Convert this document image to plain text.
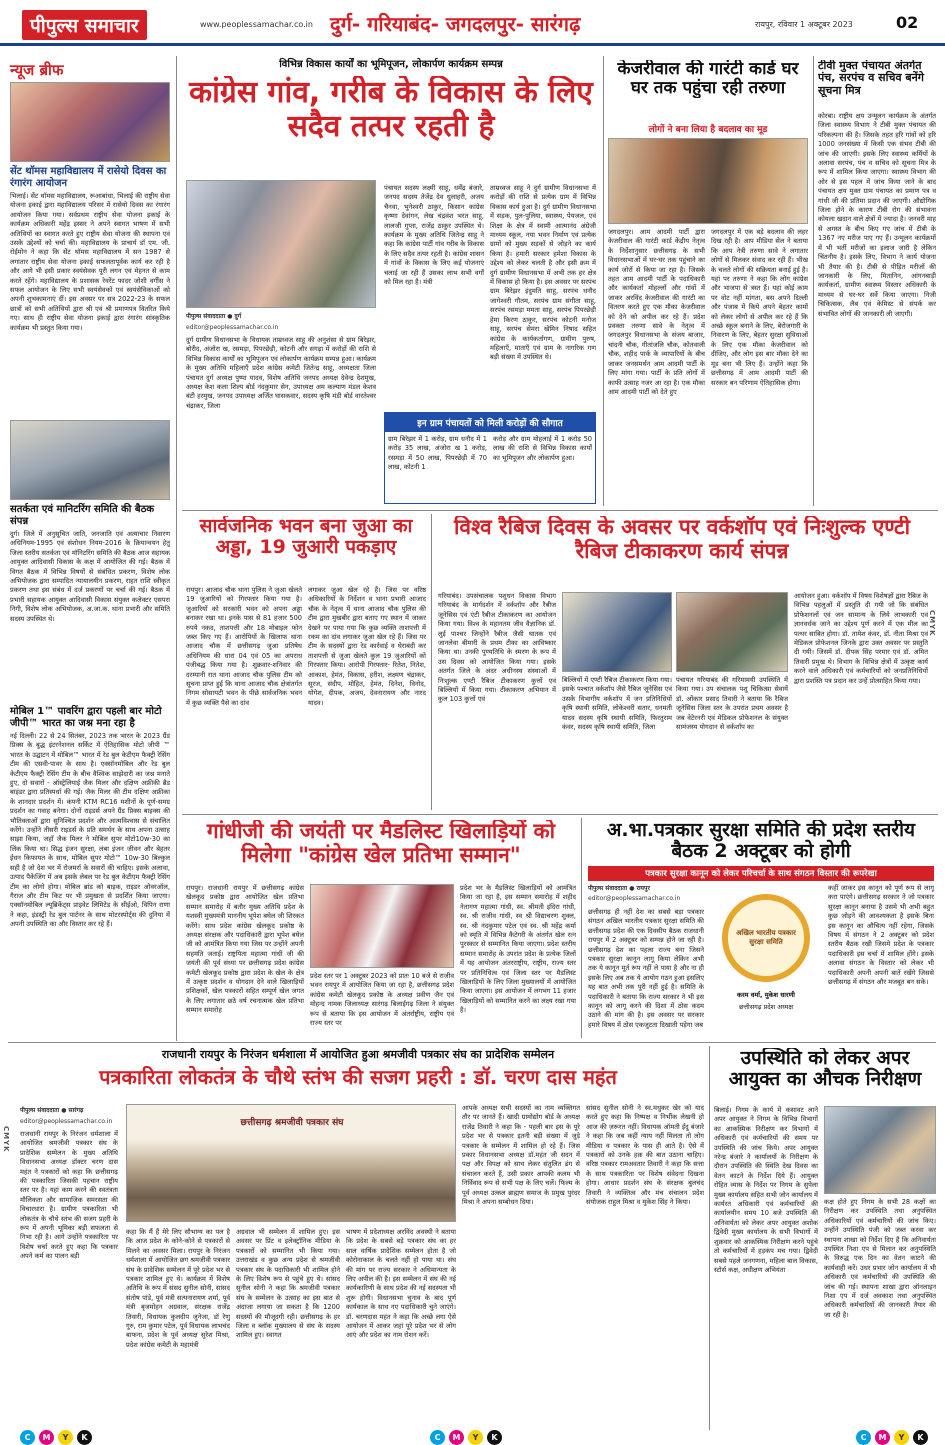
पीपुल्स समाचार	www.peoplessamachar.co.in दुर्ग- गरियाबंद- जगदलपुर- सारंगढ़	रायपुर, रविवार 1 अक्टूबर 2023	02
न्यूज ब्रीफ
सेंट थॉमस महाविद्यालय में रासेयो दिवस का रंगारंग आयोजन
भिलाई। सेंट थॉमस महाविद्यालय, रूआबांधा, भिलाई की राष्ट्रीय सेवा योजना इकाई द्वारा महाविद्यालय परिसर में रासेयो दिवस का रंगारंग आयोजन किया गया। सर्वप्रथम राष्ट्रीय सेवा योजना इकाई के कार्यक्रम अधिकारी महेंद्र इस्सर ने अपने स्वागत भाषण में सभी अतिथियों का स्वागत करते हुए राष्ट्रीय सेवा योजना की स्थापना एवं उसके उद्देश्यों को चर्चा की। महाविद्यालय के प्राचार्य डॉ एम. जी. रोईमोन ने कहा कि सेंट थॉमस महाविद्यालय में सन 1987 से लगातार राष्ट्रीय सेवा योजना इकाई सफलतापूर्वक कार्य कर रही है और आगे भी इसी प्रकार स्वयंसेवक पूरी लगन एवं मेहनत से काम करते रहेंगे। महाविद्यालय के प्रशासक रेवरेंट फादर जोशी वर्गीस ने सफल आयोजन के लिए सभी स्वयंसेवकों एवं स्वयंसेविकाओं को अपनी शुभकामनाएं दीं। इस अवसर पर सत्र 2022-23 के सफल छात्रों को सभी अतिथियों द्वारा श्री एवं श्री प्रमाणपत्र वितरित किये गए। साथ ही राष्ट्रीय सेवा योजना इकाई द्वारा रंगारंग सांस्कृतिक कार्यक्रम भी प्रस्तुत किया गया।
सतर्कता एवं मानिटरिंग समिति की बैठक संपन्न
दुर्ग। जिले में अनुसूचित जाति, जनजाति एवं अत्याचार निवारण अधिनियम-1995 एवं संशोधन नियम-2016 के क्रियान्वयन हेतु जिला स्तरीय सतर्कता एवं मॉनिटरिंग समिति की बैठक आज सहायक आयुक्त आदिवासी विकास के कक्ष में आयोजित की गई। बैठक में विगत बैठक में विभिन्न विषयों से संबंधित प्रकरण, विशेष लोक अभियोजक द्वारा सम्पादित न्यायालयीन प्रकरण, राहत राशि स्वीकृत प्रकरण तथा इस संबंध में दर्ज प्रकरणों पर चर्चा की गई। बैठक में प्रभारी सहायक आयुक्त आदिवासी विकास संयुक्त कलेक्टर एसपरा निगी, विशेष लोक अभियोजक, अ.जा.क. थाना प्रभारी और समिति सदस्य उपस्थित थे।
मोबिल 1™ पावरिंग द्वारा पहली बार मोटो जीपी™ भारत का जश्न मना रहा है
नई दिल्ली। 22 से 24 सितंबर, 2023 तक भारत के 2023 ग्रैंड प्रिक्स के बुद्ध इंटरनेशनल सर्किट में ऐतिहासिक मोटो जीपी ™ भारत के उद्घाटन में मोबिल™ भारत में रेड बुल केटीएम फैक्ट्री रेसिंग टीम की एसवी-पावर के साथ है। एक्सॉनमोबिल और रेड बुल केटीएम फैक्ट्री रेसिंग टीम के बीच वैश्विक साझेदारी का जश्न मनाते हुए, दो सवारों - ऑस्ट्रेलियाई जैक मिलर और दक्षिण अफ्रीकी ब्रैड बाइंडर द्वारा प्रतिस्पर्धा की गई। जैक मिलर की टीम दक्षिण अफ्रीका के शानदार प्रदर्शन में। कंपनी KTM RC16 मशीनों के पूर्ण-समग्र प्रदर्शन का गवाह बनेगा। दोनों राइडर्स अपने ग्रैंड प्रिक्स बाइक्स की भौतिक्ताओं द्वारा सुनिश्चित प्रदर्शन और आत्मविश्वास से संचालित करेंगे। उन्होंने तीसरी राइडर्स के प्रति समर्थन के साथ अपना उत्साह साझा किया, जहाँ जैक मिलर ने मोबिल सुपर मोटो10w-30 का लिंक किया था। सिद्ध इंजन सुरक्षा, लंबा इंजन जीवन और बेहतर ईंधन किफायत के साथ, मोबिल सुपर मोटो™ 10w-30 बिल्कुल सही है जो देश भर में रोजमर्रा के सवारों की चाहिए। इसके अलावा, उत्पाद पैकेजिंग में अब इसके लेबल पर रेड बुल केटीएम फैक्ट्री रेसिंग टीम का लोगो होगा। मोबिल ब्रांड को बाइक, राइडर ओवरऑल, गैराज और टीम किट पर भी प्रमुखता से प्रदर्शित किया जाएगा। एक्सॉनमोबिल ल्यूब्रिकेंट्स प्राइवेट लिमिटेड के सीईओ, विपिन राणा ने कहा, इंडस्ट्री रेड बुल पार्टनर के साथ मोटरस्पोर्ट्स की दुनिया में अपनी उपस्थिति का और विस्तार कर रहे हैं।
विभिन्न विकास कार्यों का भूमिपूजन, लोकार्पण कार्यक्रम सम्पन्न
कांग्रेस गांव, गरीब के विकास के लिए सदैव तत्पर रहती है
पीपुल्स संवाददाता ● दुर्ग
editor@peoplessamachar.co.in
दुर्ग ग्रामीण विधानसभा के विधायक ताम्रध्वज साहू की अनुशंसा से ग्राम बिरेझर, बोरीद, अंजोरा ख, रसमड़ा, पिपरछेड़ी, कोटनी और सगढ़ा में करोड़ों की राशि से विभिन्न विकास कार्यों का भूमिपूजन एवं लोकार्पण कार्यक्रम सम्पन्न हुआ। कार्यक्रम के मुख्य अतिथि महिलाएँ प्रदेश कांग्रेस कमेटी जितेन्द्र साहू, अध्यक्षता जिला पंचायत दुर्ग अध्यक्ष पुष्पा यादव, विशेष अतिथि जनपद अध्यक्ष देवेन्द्र देशमुख, अध्यक्ष केश कला शिल्प बोर्ड नंदकुमार सेन, उपाध्यक्ष अम कल्याण मंडल केशव बंटी हरमुख, जनपद उपाध्यक्ष अर्जित घासकवार, सदस्य कृषि मंडी बोर्ड वारतेश्वर चंद्राकर, जिला
पंचायत सदस्य लक्ष्मी साहू, धर्मेंद्र बंजारे, जनपद सदस्य तेजेंद्र देव धुलाहरी, अजय चैनवा, भुनेश्वरी ठाकुर, किसान कांग्रेस कृष्णा देवांगन, लेख चंद्रवंश भरत साहू, लालजी गुप्ता, राजेंद्र ठाकुर उपस्थित थे। कार्यक्रम के मुख्य अतिथि जितेन्द्र साहू ने कहा कि कांग्रेस पार्टी गांव गरीब के विकास के लिए सदैव तत्पर रहती है। कांग्रेस शासन में गांवों के विकास के लिए कई योजनाएं चलाई जा रही हैं उसका लाभ सभी वर्गों को मिल रहा है। मंत्री
ताम्रध्वज साहू ने दुर्ग ग्रामीण विधानसभा में करोड़ों की राशि से प्रत्येक ग्राम में विभिन्न विकास कार्य हुआ है। दुर्ग ग्रामीण विधानसभा में सड़क, पुल-पुलिया, स्वास्थ्य, पेयजल, एवं शिक्षा के क्षेत्र में स्वामी आत्मानंद अंग्रेजी माध्यम स्कूल, नया भवन निर्माण एवं प्रत्येक ग्रामों को मुख्य सड़कों से जोड़ने का कार्य किया है। हमारी सरकार हमेशा विकास के उद्देश्य को लेकर चलती है और इसी क्रम में दुर्ग ग्रामीण विधानसभा में अभी तक हर क्षेत्र में विकास हो किया है। इस अवसर पर सरपंच ग्राम बिरेझर इंदुमति साहू, सरपंच धनौद जागेश्वरी गौतम, सरपंच ग्राम संगीता साहू, सरपंच रसमड़ा ममता साहू, सरपंच पिपरछेड़ी हेमा किरण ठाकुर, सरपंच कोटनी मनोज साहू, सरपंच सेमरा खेमिन निषाद सहित कांग्रेस के कार्यकर्तागण, ग्रामीण पुरुष, महिलाएँ, माताएँ एवं ग्राम के नागरिक गण बड़ी संख्या में उपस्थित थे।
इन ग्राम पंचायतों को मिली करोड़ों की सौगात
ग्राम बिरेझर में 1 करोड़, ग्राम धनौद में 1 करोड़ 35 लाख, अंजोरा ख 1 करोड़, रसमड़ा में 50 लाख, पिपरछेड़ी में 70 लाख, कोटनी 1
करोड़ और ग्राम मोहलाई में 1 करोड़ 50 लाख की राशि से विभिन्न विकास कार्यों का भूमिपूजन और लोकार्पण हुआ।
केजरीवाल की गारंटी कार्ड घर घर तक पहुंचा रही तरुणा
लोगों ने बना लिया है बदलाव का मूड
जगदलपुर। आम आदमी पार्टी द्वारा केजरीवाल की गारंटी कार्ड केंद्रीय नेतृत्व के निर्देशानुसार छत्तीसगढ़ के सभी विधानसभाओं में घर-घर तक पहुंचाने का कार्य जोरों से किया जा रहा है। जिसके तहत आम आदमी पार्टी के पदाधिकारी और कार्यकर्ता मोहल्लों और गांवों में जाकर अरविंद केजरीवाल की गारंटी का वितरण करते हुए एक मौका केजरीवाल को देने को अपील कर रहे हैं। प्रदेश प्रवक्ता तरुणा सावे के नेतृत्व में जगदलपुर विधानसभा के संजय बाजार, चांदनी चौक, गीतांजलि चौक, कोतवाली चौक, शहीद पार्क के व्यापारियों के बीच जाकर जनसमर्थन आम आदमी पार्टी के लिए मांगा गया। पार्टी के प्रति लोगों में काफी उत्साह नजर आ रहा है। एक मौका आम आदमी पार्टी को देते हुए
जगदलपुर में एक बड़े बदलाव की लहर दिख रही है। आप मीडिया सेल ने बताया कि आप नेत्री तरुणा सावे ने लगातार लोगों से मिलकर संवाद कर रही हैं। भीख के चलते लोगों की सक्रियता बनाई हुई है। यहां पर तरुणा ने कहा कि लोग कांग्रेस और भाजपा से त्रस्त हैं। यहां कोई काम पर वोट नहीं मांगता, बस अपने दिल्ली और पंजाब में किये अपने बेहतर कामों को लेकर लोगों से अपील कर रहे हैं कि अच्छे स्कूल बनाने के लिए, बेरोजगारी के निवारण के लिए, बेहतर सुरक्षा सुविधाओं के लिए एक मौका केजरीवाल को दीजिए, और लोग इस बार मौका देने का मूड बना भी लिए हैं। उन्होंने कहा कि छत्तीसगढ़ में आम आदमी पार्टी की सरकार बन परिणाम ऐतिहासिक होगा।
टीवी मुक्त पंचायत अंतर्गत पंच, सरपंच व सचिव बनेंगे सूचना मित्र
कोरबा। राष्ट्रीय क्षय उन्मूलन कार्यक्रम के अंतर्गत जिला स्वास्थ्य विभाग ने टीबी मुक्त पंचायत की परिकल्पना की है। जिसके तहत हरि गांवों को हरि 1000 जनसंख्या में किसी एक संभव टीबी की जांच की जाएगी। इसके लिए स्वास्थ्य कर्मियों के अलावा सरपंच, पंच व सचिव को सूचना मित्र के रूप में शामिल किया जाएगा। स्वास्थ्य विभाग की ओर से इस पहल में जांच किया जाने के बाद पंचायत क्षय मुक्त ग्राम पंचायत का प्रमाण पत्र व गांधी जी की प्रतिमा प्रदान की जाएगी। औद्योगिक जिला होने के कारण टीबी रोग की संभावना कोयला खदान वाले क्षेत्रों में ज्यादा है। जनवरी माह से अगस्त के बीच किए गए जांच में टीबी के 1367 नए मरीज पाए गए हैं। उन्मूलन कार्यक्रमों में भी भर्ती मरीजों का इलाज जारी है लेकिन चिंतनीय है। इसके लिए, विभाग ने कार्य योजना भी तैयार की है। टीबी से पीड़ित मरीजों की जानकारी के लिए, मितानिन, आंगनबाड़ी कार्यकर्ता, ग्रामीण स्वास्थ्य विस्तार अधिकारी के माध्यम से घर-घर सर्वे किया जाएगा। निजी चिकित्सक, लैब एवं केमिस्ट से संपर्क कर संभावित लोगों की जानकारी ली जाएगी।
सार्वजनिक भवन बना जुआ का अड्डा, 19 जुआरी पकड़ाए
रायपुर। आजाद चौक थाना पुलिस ने जुआ खेलते 19 जुआरियों को गिरफ्तार किया गया है। जुआरियों को सरकारी भवन को अपना अड्डा बनाकर रखा था। इनके पास से 81 हजार 500 रुपये नकद, ताशपत्ती और 18 मोबाइल फोन जब्त किए गए हैं। आरोपियों के खिलाफ थाना आजाद चौक में छत्तीसगढ़ जुआ प्रतिषेध अधिनियम की धारा 04 एवं 05 का अपराध पंजीबद्ध किया गया है। शुक्रवार-शनिवार की दरम्यानी रात थाना आजाद चौक पुलिस टीम को सूचना प्राप्त हुई कि थाना आजाद चौक क्षेत्रांतर्गत निगम सोसायटी भवन के पीछे सार्वजनिक भवन में कुछ व्यक्ति पैसे का दांव
लगाकर जुआ खेल रहे हैं। जिस पर वरिष्ठ अधिकारियों के निर्देशन व थाना प्रभारी आजाद चौक के नेतृत्व में थाना आजाद चौक पुलिस की टीम द्वारा मुखबीर द्वारा बताए गए स्थान में जाकर देखने पर पाया गया कि कुछ व्यक्ति ताशपत्ती में रकम का दांव लगाकर जुआ खेल रहे हैं। जिस पर टीम के सदस्यों द्वारा रेड कार्रवाई व घेराबंदी कर ताशपत्ती से जुआ खेलते कुल 19 जुआरियों को गिरफ्तार किया। आरोपी गिरफ्तार- रितेश, नितेश, आकाश, हेमंत, विकास, हरीश, लक्ष्मण चंद्राकर, सूरज, संदीप, मोहित, हेमंत, दिनेश, विनोद, योगेश, दीपक, अजय, देवनारायण और नारद यादव।
विश्व रैबिज दिवस के अवसर पर वर्कशॉप एवं निःशुल्क एण्टी रैबिज टीकाकरण कार्य संपन्न
गरियाबंद। उपसंचालक पशुधन विकास विभाग गरियाबंद के मार्गदर्शन में वर्कशॉप और रैबीज जूनेसिस एवं एंटी रैबीज टीकाकरण का आयोजन किया गया। विश्व के महानतम जीव वैज्ञानिक डॉ. लुई पाश्चर जिन्होंने रैबीज जैसी घातक एवं जानलेवा बीमारी के प्रथम टीका का आविष्कार किया था। उनकी पुण्यतिथि के स्मरण के रूप में उस दिवस को आयोजित किया गया। इसके अंतर्गत जिले के अंदर अधीनस्थ संस्थाओं में निःशुल्क एण्टी रैबिज टीकाकरण कुत्तों एवं बिल्लियों में किया गया। टीकाकरण अभियान में कुल 103 कुत्तों एवं
बिल्लियों में एण्टी रैबिज टीकाकरण किया गया। इसके पश्चात वर्कशॉप जैसे रैबिज जूनेसिस एवं उसके विभागीय वर्कशॉप में जन प्रतिनिधियों कृषि स्थायी समिति, लोकेश्वरी सतार, धनमती यादव सदस्य कृषि स्थायी समिति, फिरतुराम कंवर, सदस्य कृषि स्थायी समिति, जिला
पंचायत गरियाबंद की गरिमामयी उपस्थिति में किया गया। उप संचालक पशु चिकित्सा सेवायें डॉ. ओंकार प्रसाद तिवारी ने बताया कि रैबिज जूनेसिस जिला स्तर के उपरांत प्रथम अवसर है जब वेटेरनरी एवं मेडिकल प्रोफेशनल के संयुक्त सामंजस्य योगदान से वर्कशॉप का
आयोजन हुआ। वर्कशॉप में विषय विशेषज्ञों द्वारा रैबिज के विभिन्न पहलुओं में प्रस्तुति दी गयी जो कि संबंधित प्रोफेशनलों एवं जन सामान्य के लिये लाभकारी एवं ज्ञानवर्धक जाने का उद्देश्य पूर्ण करने में एक मील का पत्थर साबित होगा। डॉ. तामेश कंवर, डॉ. नीता मिश्रा एवं मेडिकल प्रोफेशनल जिनके द्वारा उक्त अवसर पर प्रस्तुति दी गयी। जिसमें डॉ. दीपक सिंह परमार एवं डॉ. अमित तिवारी प्रमुख थे। विभाग के विभिन्न क्षेत्रों में उत्कृष्ट कार्य करने वाले अधिकारी एवं कर्मचारियों को जनप्रतिनिधियों द्वारा प्रशस्ति पत्र प्रदान कर उन्हें प्रोत्साहित किया गया।
गांधीजी की जयंती पर मैडलिस्ट खिलाड़ियों को मिलेगा "कांग्रेस खेल प्रतिभा सम्मान"
रायपुर। राजधानी रायपुर में छत्तीसगढ़ कांग्रेस खेलकूद प्रकोष्ठ द्वारा आयोजित खेल प्रतिभा सम्मान समारोह में बतौर मुख्य अतिथि प्रदेश के यशस्वी मुख्यमंत्री माननीय भूपेश बघेल जी शिरकत करेंगे। साथ प्रदेश कांग्रेस खेलकूद प्रकोष्ठ के अध्यक्ष संरक्षक और पदाधिकारी द्वारा भूपेश बघेल जी को आमंत्रित किया गया जिस पर उन्होंने अपनी सहमति जताई। राष्ट्रपिता महात्मा गांधी जी की जयंती की पूर्व संध्या पर छत्तीसगढ़ प्रदेश कांग्रेस कमेटी खेलकूद प्रकोष्ठ द्वारा प्रदेश के खेल के क्षेत्र में उत्कृष्ट प्रदर्शन व योगदान देने वाले खिलाड़ियों प्रशिक्षकों, खेल पत्रकारों सहित सम्पूर्ण खेल जगत के लिए लगातार छठे वर्ष रचनात्मक खेल प्रतिभा सम्मान समारोह
प्रदेश स्तर पर 1 अक्टूबर 2023 को प्रातः 10 बजे से राजीव भवन रायपुर में आयोजित किया जा रहा है, छत्तीसगढ़ प्रदेश कांग्रेस कमेटी खेलकूद प्रकोष्ठ के अध्यक्ष प्रवीण जैन एवं मोहन्द नामक जिलाध्यक्ष सारंगढ़ बिलाईगढ़ जिला ने संयुक्त रूप से बताया कि इस आयोजन में अंतर्राष्ट्रीय, राष्ट्रीय एवं राज्य स्तर पर
प्रदेश भर के मैडलिस्ट खिलाड़ियों को आमंत्रित किया जा रहा है, इस सम्मान समारोह में शहीद नेतागण महात्मा गांधी, स्व. श्रीमती इंदिरा गांधी, स्व. श्री राजीव गांधी, स्व श्री विद्याचरण शुक्ल, स्व. श्री नंदकुमार पटेल एवं स्व. श्री महेंद्र कर्मा को स्मृति में विभिन्न कैटेगरी के अंतर्गत खेल रत्न पुरस्कार से सम्मानित किया जाएगा। प्रदेश स्तरीय सम्मान समारोह के उपरांत प्रदेश के प्रत्येक जिलों में यह आयोजन अंतरराष्ट्रीय, राष्ट्रीय, राज्य स्तर पर प्रतिनिधित्व एवं जिला स्तर पर मैडलिस्ट खिलाड़ियों के लिए जिला मुख्यालयों में आयोजित किया जाएगा। इस आयोजन में लगभग 11 हजार खिलाड़ियों को सम्मानित करने का लक्ष्य रखा गया है।
अ.भा.पत्रकार सुरक्षा समिति की प्रदेश स्तरीय बैठक 2 अक्टूबर को होगी
पत्रकार सुरक्षा कानून को लेकर परिचर्चा के साथ संगठन विस्तार की रूपरेखा
पीपुल्स संवाददाता ● रायपुर
editor@peoplessamachar.co.in
छत्तीसगढ़ ही नहीं देश का सबसे बड़ा पत्रकार संगठन अखिल भारतीय पत्रकार सुरक्षा समिति की छत्तीसगढ़ प्रदेश की एक दिवसीय बैठक राजधानी रायपुर में 2 अक्टूबर को सम्पन्न होने जा रही है। छत्तीसगढ़ देश का पहला राज्य बना जिसने पत्रकार सुरक्षा कानून लागू किया लेकिन अभी तक ये कानून मूर्त रूप नहीं ले पाया है और ना ही इसके लिए अब तक ये आयोग गठन हुआ इसलिए यह बात अभी तक पूरी नहीं हुई है। समिति के पदाधिकारी ने बताया कि राज्य सरकार ने भी इस कानून को लागू करने की दिशा में ठोस कदम उठाने की मांग की है। इस अवसर पर सरकार हमारे विषय में ठोस एकजुटता दिखाती पड़ेगा जब
अखिल भारतीय पत्रकार सुरक्षा समिति
करम वर्मा, मुकेश धारणी
छत्तीसगढ़ प्रदेश अध्यक्ष
कहीं जाकर इस कानून को पूर्ण रूप से लागू करा पाएंगे। छत्तीसगढ़ सरकार ने जो पत्रकार सुरक्षा कानून बनाया है उसमे भी अभी बहुत कुछ जोड़ने की आवश्यकता है इसके बिना इस कानून का औचित्य नहीं रहेगा, जिसके विषय में संगठन ने 2 अक्टूबर को प्रदेश स्तरीय बैठक रखी जिसमे प्रदेश के पत्रकार पदाधिकारी इस चर्चा में शामिल होंगे। इसके अलावा संगठन के विस्तार को लेकर भी पदाधिकारी अपनी अपनी बातें रखेंगे जिससे छत्तीसगढ़ में संगठन और मजबूत बन सके।
राजधानी रायपुर के निरंजन धर्मशाला में आयोजित हुआ श्रमजीवी पत्रकार संघ का प्रादेशिक सम्मेलन
पत्रकारिता लोकतंत्र के चौथे स्तंभ की सजग प्रहरी : डॉ. चरण दास महंत
पीपुल्स संवाददाता ● सारंगढ़
editor@peoplessamachar.co.in
राजधानी रायपुर के निरंजन धर्मशाला में आयोजित श्रमजीवी पत्रकार संघ के प्रादेशिक सम्मेलन के मुख्य अतिथि विधानसभा अध्यक्ष डॉक्टर चरण दास महंत ने पत्रकारों को कहा कि छत्तीसगढ़ की पत्रकारिता जिसकी पहचान राष्ट्रीय स्तर पर है। यहां काम करने की स्वतंत्रता मौलिकता और सामाजिक समरसता की विचारधारा है। ग्रामीण पत्रकारिता भी लोकतंत्र के चौथे स्तंभ की सजग प्रहरी के रूप में अपनी भूमिका बड़ी सफलता से निभा रही है। आगे उन्होंने पत्रकारिता पर विशेष चर्चा करते हुए कहा कि पत्रकार अपने कर्म का पालन बड़ी
छत्तीसगढ़ श्रमजीवी पत्रकार संघ
कहा कि मैं हैं मेरे लिए सौभाग्य का पल है कि आज प्रदेश के कोने-कोने से पत्रकारों से मिलने का अवसर मिला। रायपुर के निरंजन धर्मशाला में आयोजित छग श्रमजीवी पत्रकार संघ के प्रादेशिक सम्मेलन में पूरे प्रदेश भर से पत्रकार शामिल हुए थे। कार्यक्रम में विशेष अतिथि के रूप में संसद सुनील सोनी, सांसद संतोष पांडे, पूर्व मंत्री सत्यनारायण शर्मा, पूर्व मंत्री बृजमोहन अग्रवाल, संरक्षक राजेंद्र तिवारी, विधायक कुलदीप जुनेजा, डॉ रेणु गुरु, राम कुमार पटेल, पूर्व विधायक लाभचंद बाफना, प्रदेश के पूर्व अध्यक्ष सुरेश मिश्रा, प्रदेश कांग्रेस कमेटी के महामंत्री
अग्रवाल भी सम्मेलन में शामिल हुए। इस अवसर पर प्रिंट व इलेक्ट्रॉनिक मीडिया के पत्रकारों को सम्मानित भी किया गया। उत्तराखंड व कुछ अन्य प्रदेश से श्रमजीवी पत्रकार संघ के पदाधिकारी भी शामिल होने के लिए विशेष रूप से पहुंचे हुए थे। सांसद सुनील सोनी ने कहा कि श्रमजीवी पत्रकार संघ के सम्मेलन के उत्साह का इस बात से अंदाजा लगाया जा सकता है कि 1200 सदस्यों की मौजूदगी रही। छत्तीसगढ़ के हर जिला व ब्लॉक मुख्यालय से संघ के सदस्य शामिल हुए। स्वागत
भाषण में प्रदेशाध्यक्ष अरविंद अवस्थी ने बताया कि प्रदेश के सबसे बड़े पत्रकार संघ का हर साल वार्षिक प्रादेशिक सम्मेलन होता है जो कोरोनाकाल के चलते नहीं हो पाया था। संघ की मांग पर राज्य सरकार ने अधिमान्यता के लिए अपील की है। इस सम्मेलन में संघ की नई कार्यकारिणी के साथ प्रदेश की नई सदस्यता भी शुरू होगी। विधानसभा चुनाव के बाद पूर्ण कार्यकाल के साथ नए पदाधिकारी चुने जाएंगे। डॉ. चरणदास महंत ने कहा कि अच्छे लगा ऐसे आयोजन में आकर जहां पूरे प्रदेश भर से लोग आएं और प्रदेश का नाम रोशन करें।
आपके अध्यक्ष सभी सदस्यों का नाम व्यक्तिगत तौर पर जानते हैं। खादी ग्रामोद्योग बोर्ड के अध्यक्ष राजेंद्र तिवारी ने कहा कि - पहली बार इस के पूरे प्रदेश भर से पत्रकार इतनी बड़ी संख्या में जुड़े पत्रकार के सम्मेलन में शामिल हो रहे हैं। जिस प्रकार विधानसभा अध्यक्ष डॉ.महंत जी सदन में पक्ष और विपक्ष को साथ लेकर संतुलित ढंग से संचालन करते हैं, उसी प्रकार आपकी कलम भी निर्विवाद रूप से सभी पक्ष के लिए चलें। फिल्म के पूर्व अध्यक्ष उत्कल ब्राह्मण समाज के प्रमुख पुरंदर मिश्रा ने अपना सम्बोधन दिया।
सांसद सुनील सोनी ने स्व.मधुकर खेर को याद करते हुए कहा कि निष्पक्ष व निर्भीक लेखनी हो आज की ज़रूरत नहीं। विधायक ऑमती ईंदु बंजारे ने कहा कि जब कहीं न्याय नहीं मिलता तो लोग मीडिया व पत्रकार के पास ही आते है। ऐसे में पत्रकारों को उनके हक़ की बात उठाना चाहिए। वरिष्ठ पत्रकार रामअवतार तिवारी ने कहा कि सत्ता के साथ पत्रकारिता पर विशेष संवेदना दिखना होगा। आधार प्रदर्शन संघ के संरक्षक बुलचंद तिवारी ने व्यक्तित्व और मंच संचालन प्रदेश संयोजक राहुल मिश्रा व मुकेश सिंह ने किया।
उपस्थिति को लेकर अपर आयुक्त का औचक निरीक्षण
बिलाई। निगम के कार्य में कसावट लाने अपर आयुक्त ने निगम के विभिन्न विभागों का आकस्मिक निरीक्षण कर विभागों में अधिकारी एवं कर्मचारियों की समय पर उपस्थिति की जांच किये। अपर आयुक्त नरेन्द्र बंजारे ने कार्यालयों के निरीक्षण के दौरान उपस्थिति की स्थिति देख दिवस का वेतन काटने के निर्देश दिये हैं। आयुक्त रोहित व्यास के निर्देश पर निगम के सुपेला मुख्य कार्यालय सहित सभी जोन कार्यालय में कार्यरत अधिकारी एवं कर्मचारियों की कार्यालयीन समय 10 बजे उपस्थिति की अनिवार्यता को लेकर अपर आयुक्त अशोक द्विवेदी मुख्य कार्यालय के सभी विभागों में शुक्रवार को आकस्मिक निरीक्षण करने पहुंचे तो कर्मचारियों में हड़कंप मच गया। द्विवेदी सबसे पहले जनगणना, महिला बाल विकास, स्टोर्स कक्ष, अधीक्षण अभियंता
कक्ष होते हुए निगम के सभी 28 कक्षों का निरीक्षण कर उपस्थिति तथा अनुपस्थित अधिकारियों एवं कर्मचारियों की जांच किए। उन्होंने उपस्थिति पंजी को जब्त करवा कर स्थापना शाखा को निर्देश दिए हैं कि अनिवार्यता उपस्थित निशा एप से मिलान कर अनुपस्थिति के विरुद्ध एक दिन का वेतन काटने की कार्यवाही करें। उधर प्रभार जोन कार्यालय में भी अधिकारी एवं कर्मचारियों की उपस्थिति की जांच की गई। स्थापना शाखा द्वारा ऑनलाइन निशा एप में दर्ज अवकाश तथा अनुपस्थित अधिकारी कर्मचारियों की जानकारी तैयार की जा रही है।
CMYK
CMYK
C	M	Y	K	C	M	Y	K	C	M	Y	K
